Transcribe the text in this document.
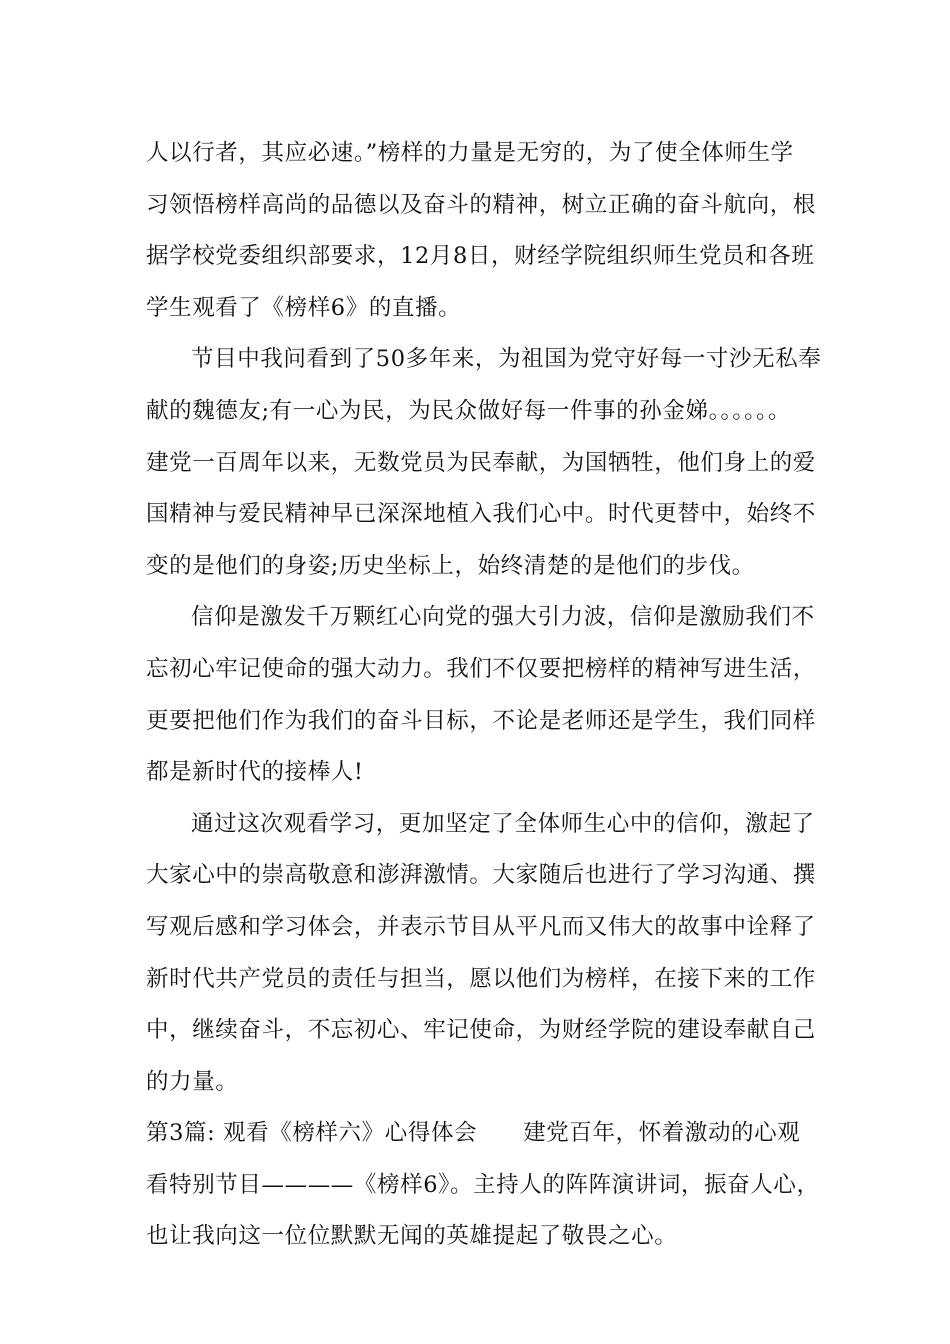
人以行者，其应必速。”榜样的力量是无穷的，为了使全体师生学
习领悟榜样高尚的品德以及奋斗的精神，树立正确的奋斗航向，根
据学校党委组织部要求，12月8日，财经学院组织师生党员和各班
学生观看了《榜样6》的直播。

节目中我问看到了50多年来，为祖国为党守好每一寸沙无私奉
献的魏德友;有一心为民，为民众做好每一件事的孙金娣。。。。。。
建党一百周年以来，无数党员为民奉献，为国牺牲，他们身上的爱
国精神与爱民精神早已深深地植入我们心中。时代更替中，始终不
变的是他们的身姿;历史坐标上，始终清楚的是他们的步伐。

信仰是激发千万颗红心向党的强大引力波，信仰是激励我们不
忘初心牢记使命的强大动力。我们不仅要把榜样的精神写进生活，
更要把他们作为我们的奋斗目标，不论是老师还是学生，我们同样
都是新时代的接棒人!

通过这次观看学习，更加坚定了全体师生心中的信仰，激起了
大家心中的崇高敬意和澎湃激情。大家随后也进行了学习沟通、撰
写观后感和学习体会，并表示节目从平凡而又伟大的故事中诠释了
新时代共产党员的责任与担当，愿以他们为榜样，在接下来的工作
中，继续奋斗，不忘初心、牢记使命，为财经学院的建设奉献自己
的力量。

第3篇: 观看《榜样六》心得体会 建党百年，怀着激动的心观
看特别节目————《榜样6》。主持人的阵阵演讲词，振奋人心，
也让我向这一位位默默无闻的英雄提起了敬畏之心。
